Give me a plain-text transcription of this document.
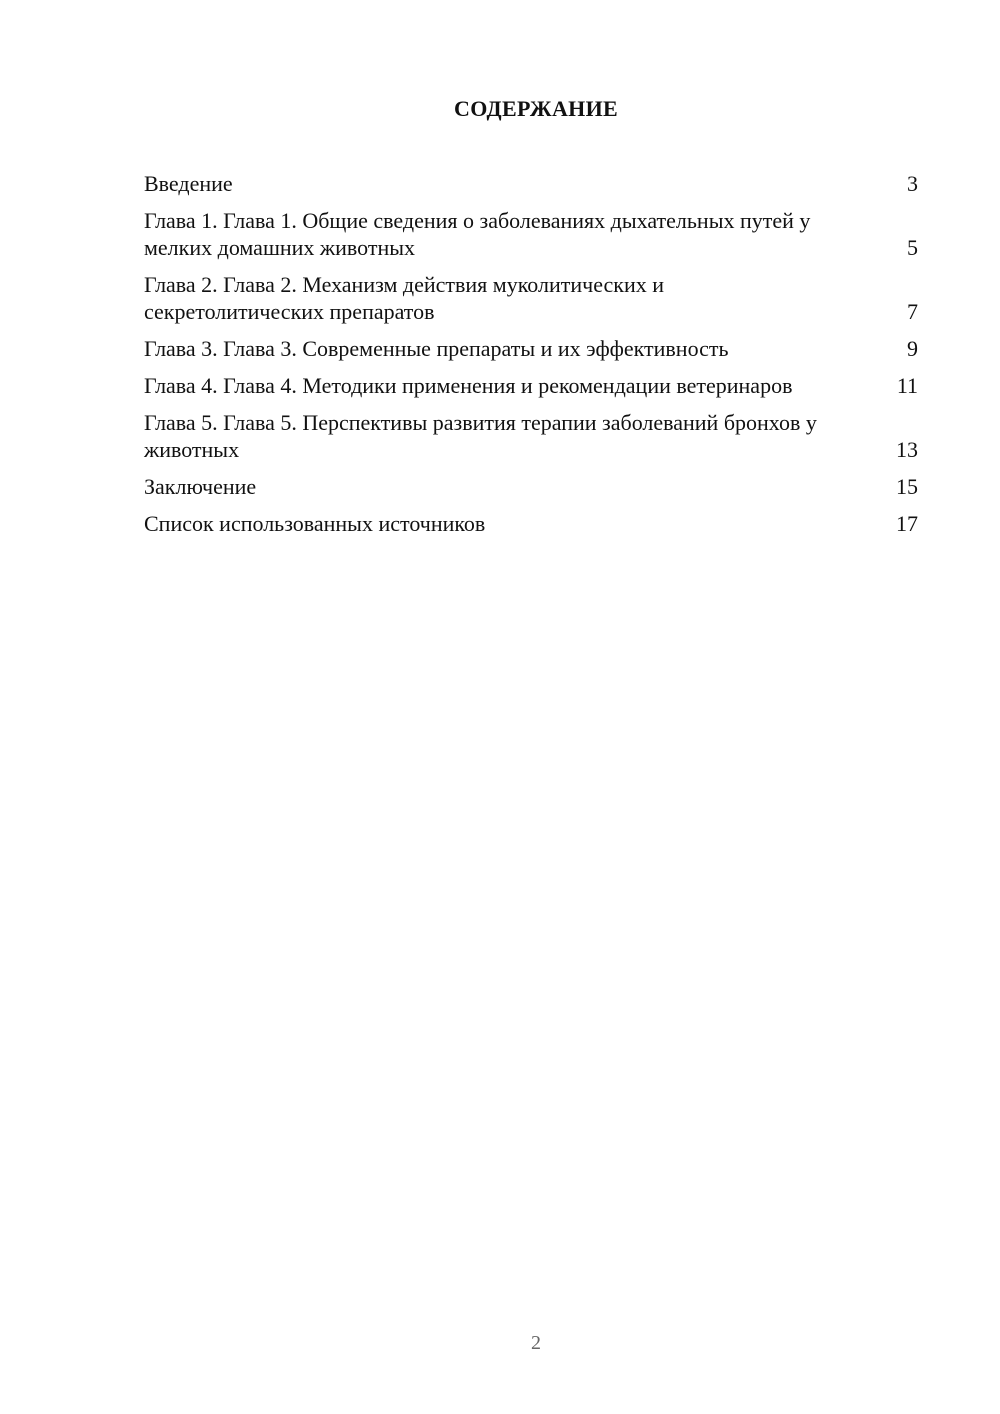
СОДЕРЖАНИЕ
Введение	3
Глава 1. Глава 1. Общие сведения о заболеваниях дыхательных путей у мелких домашних животных	5
Глава 2. Глава 2. Механизм действия муколитических и секретолитических препаратов	7
Глава 3. Глава 3. Современные препараты и их эффективность	9
Глава 4. Глава 4. Методики применения и рекомендации ветеринаров	11
Глава 5. Глава 5. Перспективы развития терапии заболеваний бронхов у животных	13
Заключение	15
Список использованных источников	17
2
